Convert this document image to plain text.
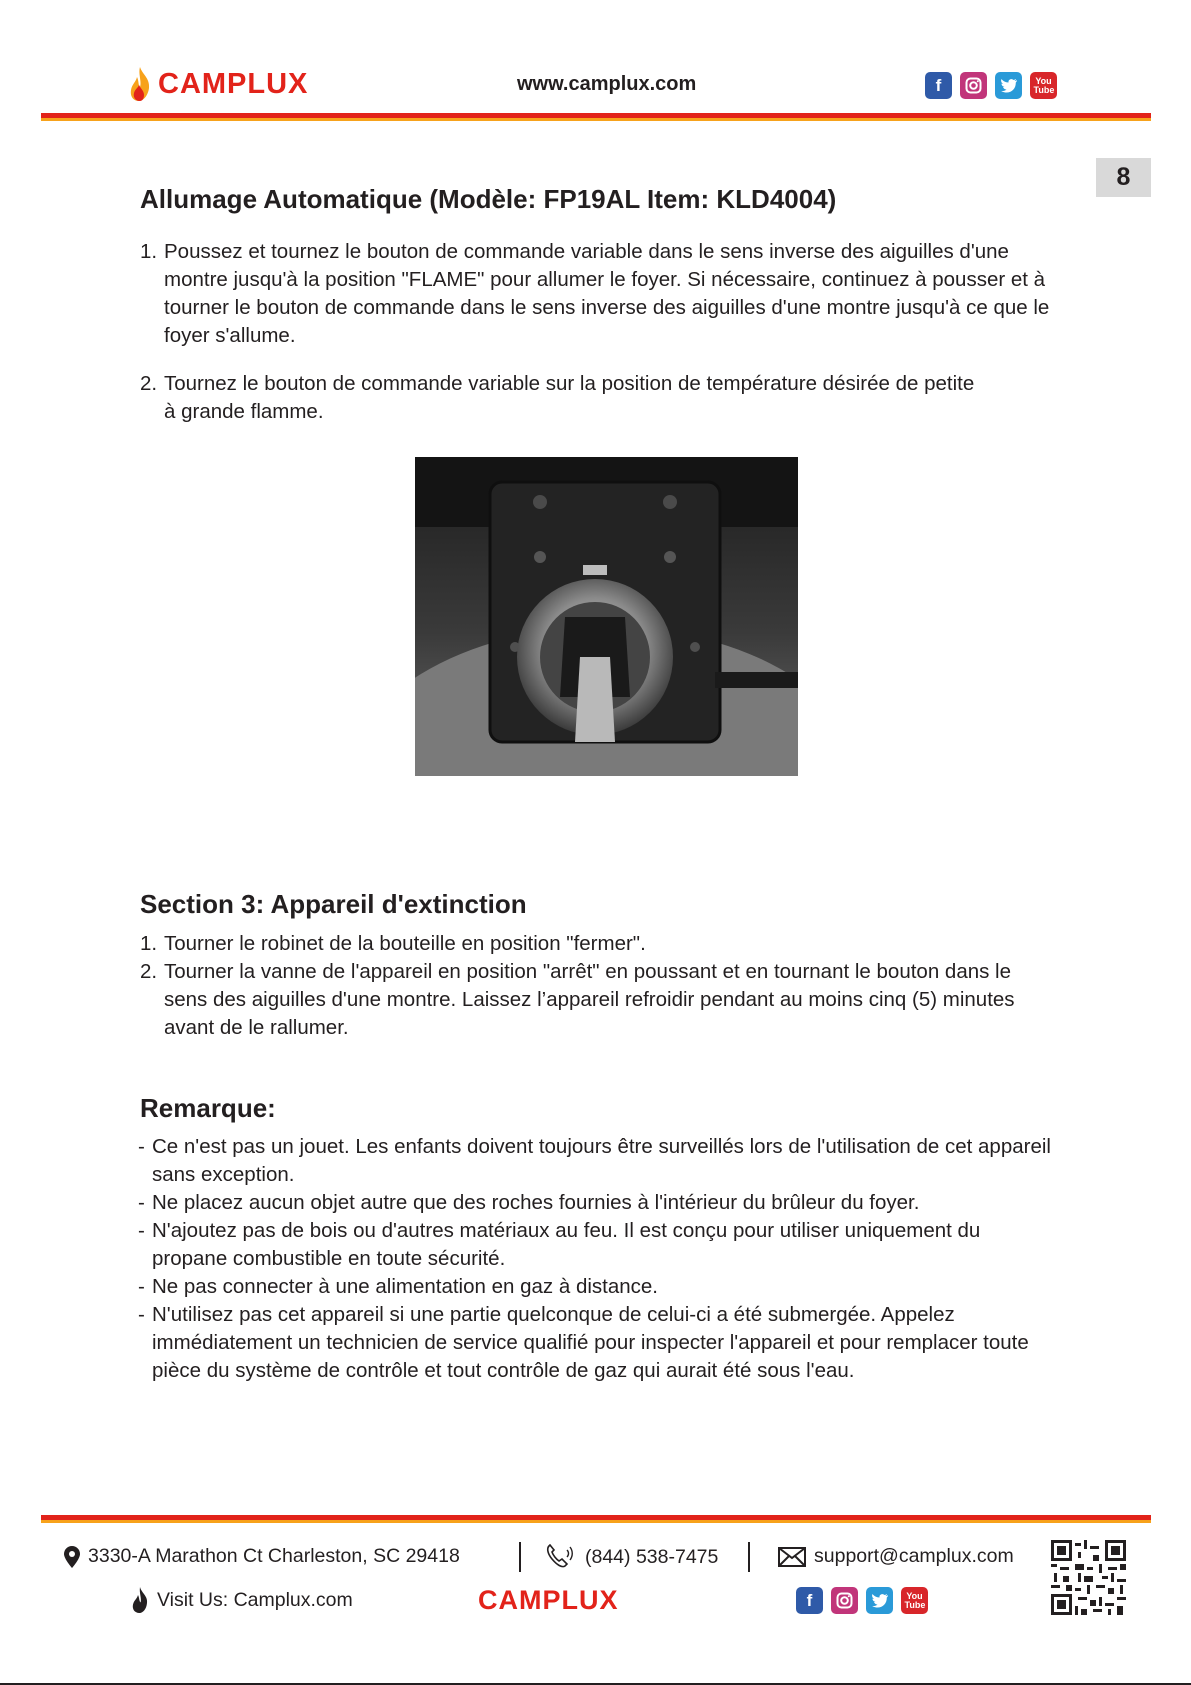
CAMPLUX	www.camplux.com	f	You Tube
8
Allumage Automatique (Modèle: FP19AL Item: KLD4004)
1. Poussez et tournez le bouton de commande variable dans le sens inverse des aiguilles d'une montre jusqu'à la position "FLAME" pour allumer le foyer. Si nécessaire, continuez à pousser et à tourner le bouton de commande dans le sens inverse des aiguilles d'une montre jusqu'à ce que le foyer s'allume.
2. Tournez le bouton de commande variable sur la position de température désirée de petite à grande flamme.
Section 3: Appareil d'extinction
1. Tourner le robinet de la bouteille en position "fermer".
2. Tourner la vanne de l'appareil en position "arrêt" en poussant et en tournant le bouton dans le sens des aiguilles d'une montre. Laissez l’appareil refroidir pendant au moins cinq (5) minutes avant de le rallumer.
Remarque:
- Ce n'est pas un jouet. Les enfants doivent toujours être surveillés lors de l'utilisation de cet appareil sans exception.
- Ne placez aucun objet autre que des roches fournies à l'intérieur du brûleur du foyer.
- N'ajoutez pas de bois ou d'autres matériaux au feu. Il est conçu pour utiliser uniquement du propane combustible en toute sécurité.
- Ne pas connecter à une alimentation en gaz à distance.
- N'utilisez pas cet appareil si une partie quelconque de celui-ci a été submergée. Appelez immédiatement un technicien de service qualifié pour inspecter l'appareil et pour remplacer toute pièce du système de contrôle et tout contrôle de gaz qui aurait été sous l'eau.
3330-A Marathon Ct Charleston, SC 29418	(844) 538-7475	support@camplux.com
Visit Us: Camplux.com	CAMPLUX	f	You Tube
